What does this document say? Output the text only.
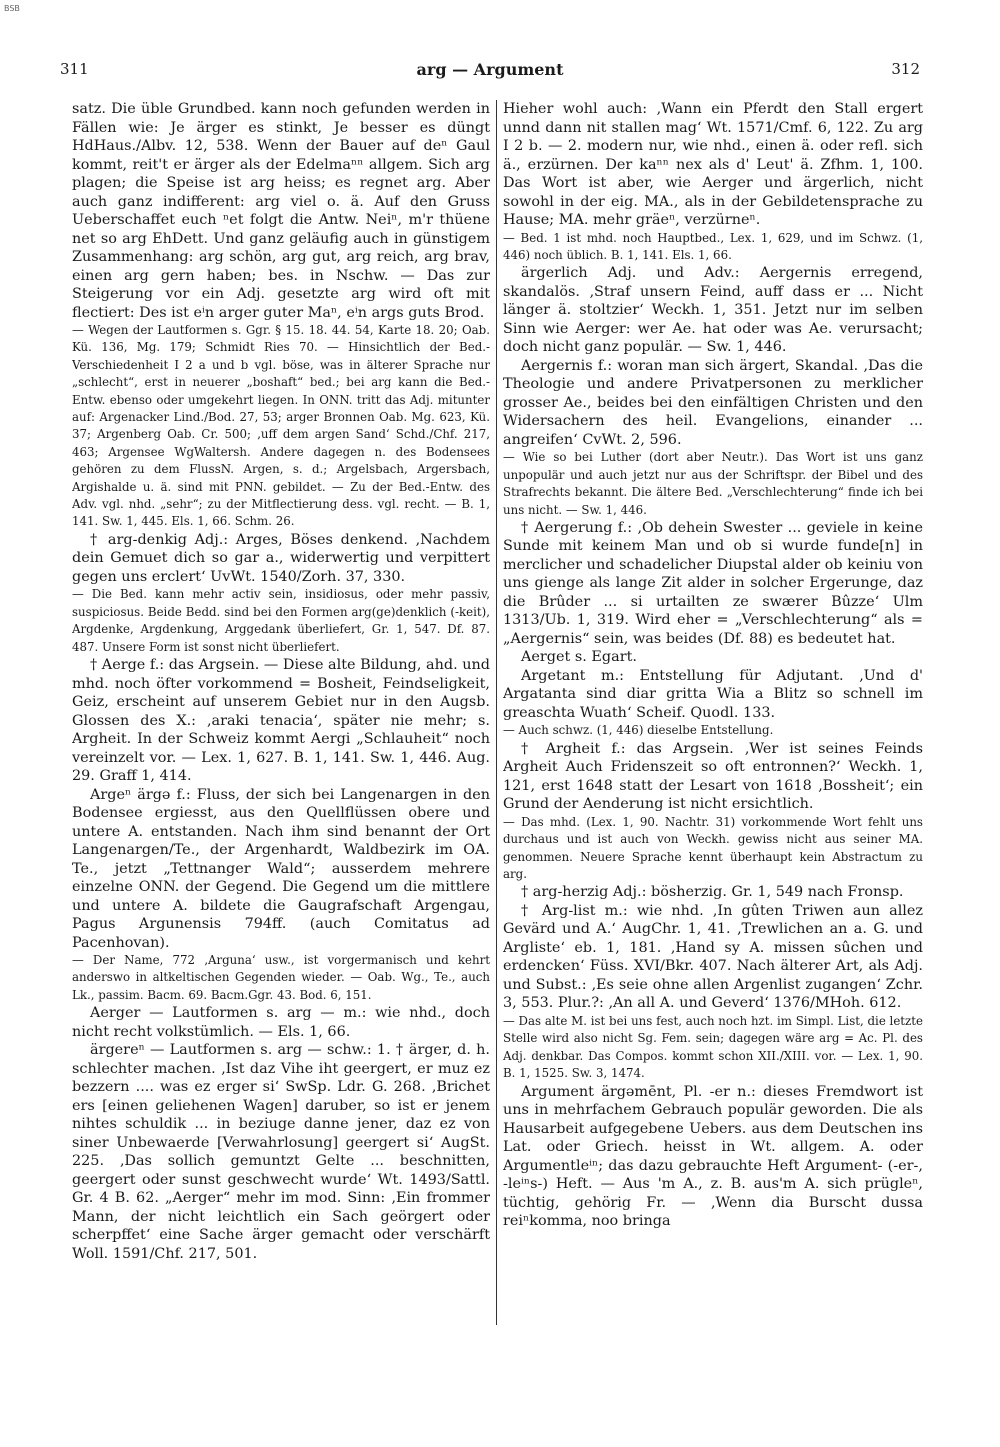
BSB
311	arg — Argument	312

satz. Die üble Grundbed. kann noch gefunden werden in Fällen wie: Je ärger es stinkt, Je besser es düngt HdHaus./Albv. 12, 538. Wenn der Bauer auf deⁿ Gaul kommt, reit't er ärger als der Edelmaⁿⁿ allgem. Sich arg plagen; die Speise ist arg heiss; es regnet arg. Aber auch ganz indifferent: arg viel o. ä. Auf den Gruss Ueberschaffet euch ⁿet folgt die Antw. Neiⁿ, m'r thüene net so arg EhDett. Und ganz geläufig auch in günstigem Zusammenhang: arg schön, arg gut, arg reich, arg brav, einen arg gern haben; bes. in Nschw. — Das zur Steigerung vor ein Adj. gesetzte arg wird oft mit flectiert: Des ist eⁱn arger guter Maⁿ, eⁱn args guts Brod.

— Wegen der Lautformen s. Ggr. § 15. 18. 44. 54, Karte 18. 20; Oab. Kü. 136, Mg. 179; Schmidt Ries 70. — Hinsichtlich der Bed.-Verschiedenheit I 2 a und b vgl. böse, was in älterer Sprache nur „schlecht“, erst in neuerer „boshaft“ bed.; bei arg kann die Bed.-Entw. ebenso oder umgekehrt liegen. In ONN. tritt das Adj. mitunter auf: Argenacker Lind./Bod. 27, 53; arger Bronnen Oab. Mg. 623, Kü. 37; Argenberg Oab. Cr. 500; ‚uff dem argen Sand‘ Schd./Chf. 217, 463; Argensee WgWaltersh. Andere dagegen n. des Bodensees gehören zu dem FlussN. Argen, s. d.; Argelsbach, Argersbach, Argishalde u. ä. sind mit PNN. gebildet. — Zu der Bed.-Entw. des Adv. vgl. nhd. „sehr“; zu der Mitflectierung dess. vgl. recht. — B. 1, 141. Sw. 1, 445. Els. 1, 66. Schm. 26.

† arg-denkig Adj.: Arges, Böses denkend. ‚Nachdem dein Gemuet dich so gar a., widerwertig und verpittert gegen uns erclert‘ UvWt. 1540/Zorh. 37, 330.

— Die Bed. kann mehr activ sein, insidiosus, oder mehr passiv, suspiciosus. Beide Bedd. sind bei den Formen arg(ge)denklich (-keit), Argdenke, Argdenkung, Arggedank überliefert, Gr. 1, 547. Df. 87. 487. Unsere Form ist sonst nicht überliefert.

† Aerge f.: das Argsein. — Diese alte Bildung, ahd. und mhd. noch öfter vorkommend = Bosheit, Feindseligkeit, Geiz, erscheint auf unserem Gebiet nur in den Augsb. Glossen des X.: ‚araki tenacia‘, später nie mehr; s. Argheit. In der Schweiz kommt Aergi „Schlauheit“ noch vereinzelt vor. — Lex. 1, 627. B. 1, 141. Sw. 1, 446. Aug. 29. Graff 1, 414.

Argeⁿ ärgə f.: Fluss, der sich bei Langenargen in den Bodensee ergiesst, aus den Quellflüssen obere und untere A. entstanden. Nach ihm sind benannt der Ort Langenargen/Te., der Argenhardt, Waldbezirk im OA. Te., jetzt „Tettnanger Wald“; ausserdem mehrere einzelne ONN. der Gegend. Die Gegend um die mittlere und untere A. bildete die Gaugrafschaft Argengau, Pagus Argunensis 794ff. (auch Comitatus ad Pacenhovan).

— Der Name, 772 ‚Arguna‘ usw., ist vorgermanisch und kehrt anderswo in altkeltischen Gegenden wieder. — Oab. Wg., Te., auch Lk., passim. Bacm. 69. Bacm.Ggr. 43. Bod. 6, 151.

Aerger — Lautformen s. arg — m.: wie nhd., doch nicht recht volkstümlich. — Els. 1, 66.

ärgereⁿ — Lautformen s. arg — schw.: 1. † ärger, d. h. schlechter machen. ‚Ist daz Vihe iht geergert, er muz ez bezzern .... was ez erger si‘ SwSp. Ldr. G. 268. ‚Brichet ers [einen geliehenen Wagen] daruber, so ist er jenem nihtes schuldik ... in beziuge danne jener, daz ez von siner Unbewaerde [Verwahrlosung] geergert si‘ AugSt. 225. ‚Das sollich gemuntzt Gelte ... beschnitten, geergert oder sunst geschwecht wurde‘ Wt. 1493/Sattl. Gr. 4 B. 62. „Aerger“ mehr im mod. Sinn: ‚Ein frommer Mann, der nicht leichtlich ein Sach geörgert oder scherpffet‘ eine Sache ärger gemacht oder verschärft Woll. 1591/Chf. 217, 501.

Hieher wohl auch: ‚Wann ein Pferdt den Stall ergert unnd dann nit stallen mag‘ Wt. 1571/Cmf. 6, 122. Zu arg I 2 b. — 2. modern nur, wie nhd., einen ä. oder refl. sich ä., erzürnen. Der kaⁿⁿ nex als d' Leut' ä. Zfhm. 1, 100. Das Wort ist aber, wie Aerger und ärgerlich, nicht sowohl in der eig. MA., als in der Gebildetensprache zu Hause; MA. mehr gräeⁿ, verzürneⁿ.

— Bed. 1 ist mhd. noch Hauptbed., Lex. 1, 629, und im Schwz. (1, 446) noch üblich. B. 1, 141. Els. 1, 66.

ärgerlich Adj. und Adv.: Aergernis erregend, skandalös. ‚Straf unsern Feind, auff dass er ... Nicht länger ä. stoltzier‘ Weckh. 1, 351. Jetzt nur im selben Sinn wie Aerger: wer Ae. hat oder was Ae. verursacht; doch nicht ganz populär. — Sw. 1, 446.

Aergernis f.: woran man sich ärgert, Skandal. ‚Das die Theologie und andere Privatpersonen zu merklicher grosser Ae., beides bei den einfältigen Christen und den Widersachern des heil. Evangelions, einander ... angreifen‘ CvWt. 2, 596.

— Wie so bei Luther (dort aber Neutr.). Das Wort ist uns ganz unpopulär und auch jetzt nur aus der Schriftspr. der Bibel und des Strafrechts bekannt. Die ältere Bed. „Verschlechterung“ finde ich bei uns nicht. — Sw. 1, 446.

† Aergerung f.: ‚Ob dehein Swester ... geviele in keine Sunde mit keinem Man und ob si wurde funde[n] in merclicher und schadelicher Diupstal alder ob keiniu von uns gienge als lange Zit alder in solcher Ergerunge, daz die Brûder ... si urtailten ze swærer Bûzze‘ Ulm 1313/Ub. 1, 319. Wird eher = „Verschlechterung“ als = „Aergernis“ sein, was beides (Df. 88) es bedeutet hat.

Aerget s. Egart.

Argetant m.: Entstellung für Adjutant. ‚Und d' Argatanta sind diar gritta Wia a Blitz so schnell im greaschta Wuath‘ Scheif. Quodl. 133.

— Auch schwz. (1, 446) dieselbe Entstellung.

† Argheit f.: das Argsein. ‚Wer ist seines Feinds Argheit Auch Fridenszeit so oft entronnen?‘ Weckh. 1, 121, erst 1648 statt der Lesart von 1618 ‚Bossheit‘; ein Grund der Aenderung ist nicht ersichtlich.

— Das mhd. (Lex. 1, 90. Nachtr. 31) vorkommende Wort fehlt uns durchaus und ist auch von Weckh. gewiss nicht aus seiner MA. genommen. Neuere Sprache kennt überhaupt kein Abstractum zu arg.

† arg-herzig Adj.: bösherzig. Gr. 1, 549 nach Fronsp.

† Arg-list m.: wie nhd. ‚In gûten Triwen aun allez Gevärd und A.‘ AugChr. 1, 41. ‚Trewlichen an a. G. und Argliste‘ eb. 1, 181. ‚Hand sy A. missen sûchen und erdencken‘ Füss. XVI/Bkr. 407. Nach älterer Art, als Adj. und Subst.: ‚Es seie ohne allen Argenlist zugangen‘ Zchr. 3, 553. Plur.?: ‚An all A. und Geverd‘ 1376/MHoh. 612.

— Das alte M. ist bei uns fest, auch noch hzt. im Simpl. List, die letzte Stelle wird also nicht Sg. Fem. sein; dagegen wäre arg = Ac. Pl. des Adj. denkbar. Das Compos. kommt schon XII./XIII. vor. — Lex. 1, 90. B. 1, 1525. Sw. 3, 1474.

Argument ärgəmēnt, Pl. -er n.: dieses Fremdwort ist uns in mehrfachem Gebrauch populär geworden. Die als Hausarbeit aufgegebene Uebers. aus dem Deutschen ins Lat. oder Griech. heisst in Wt. allgem. A. oder Argumentleⁱⁿ; das dazu gebrauchte Heft Argument- (-er-, -leⁱⁿs-) Heft. — Aus 'm A., z. B. aus'm A. sich prügleⁿ, tüchtig, gehörig Fr. — ‚Wenn dia Burscht dussa reiⁿkomma, noo bringa
